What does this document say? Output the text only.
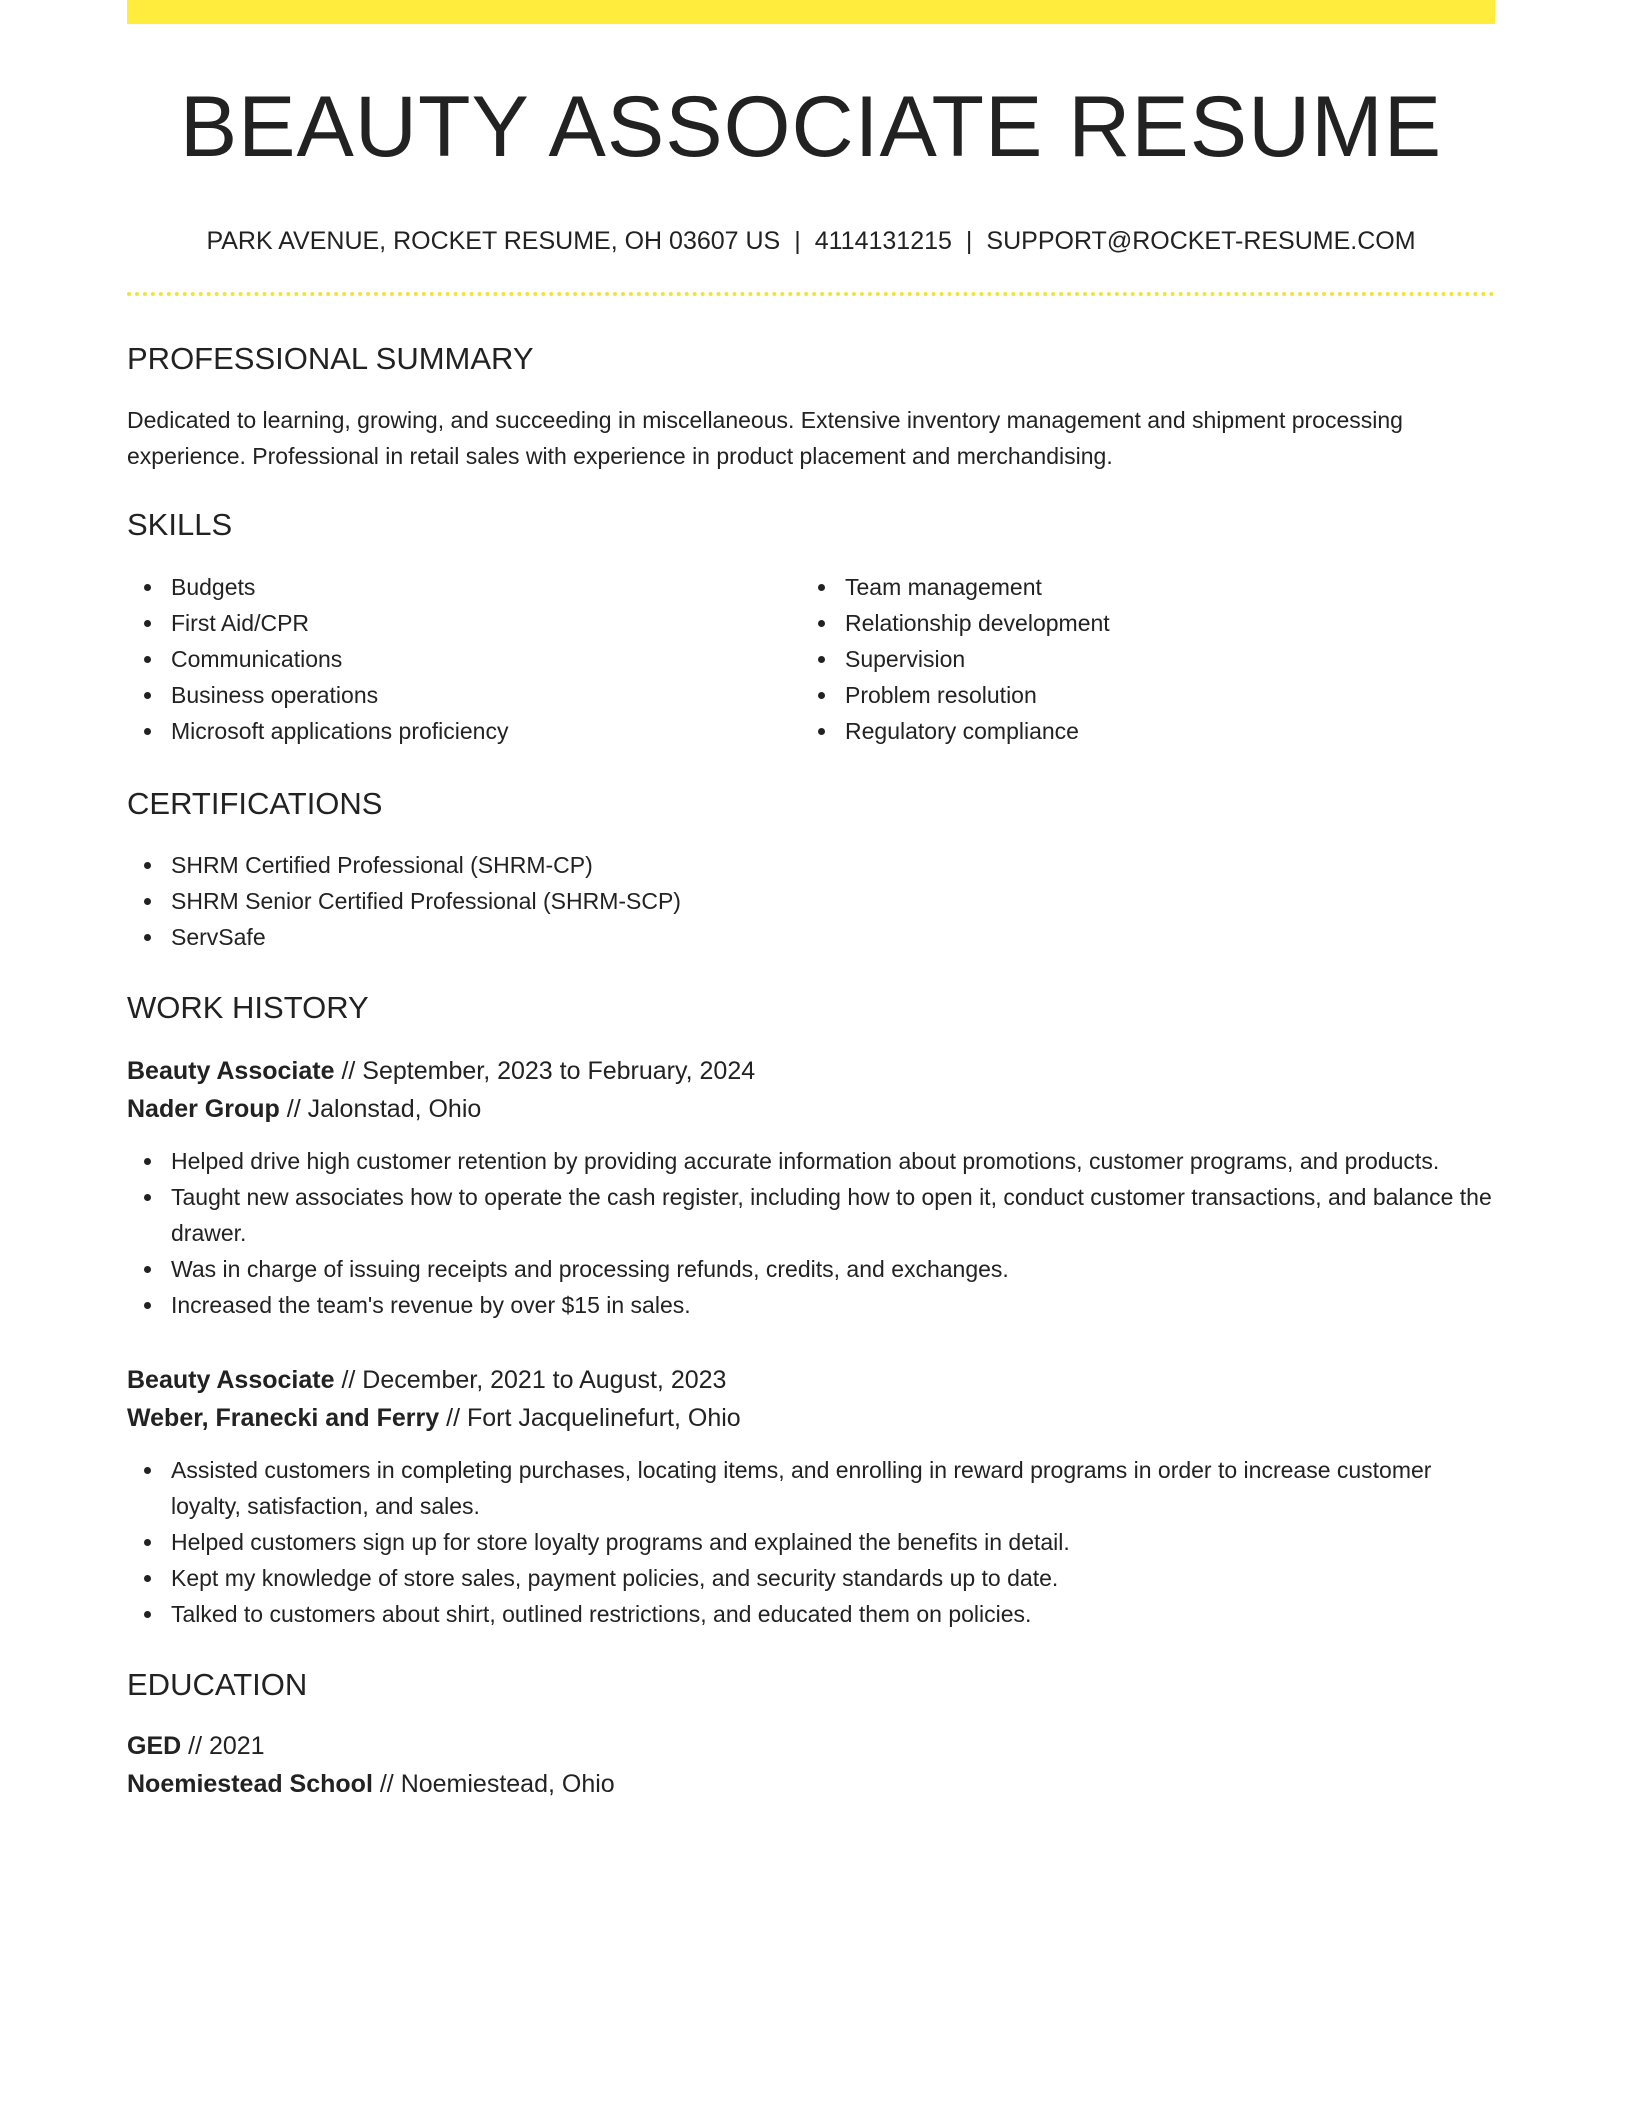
BEAUTY ASSOCIATE RESUME
PARK AVENUE, ROCKET RESUME, OH 03607 US | 4114131215 | SUPPORT@ROCKET-RESUME.COM
PROFESSIONAL SUMMARY

Dedicated to learning, growing, and succeeding in miscellaneous. Extensive inventory management and shipment processing experience. Professional in retail sales with experience in product placement and merchandising.

SKILLS
Budgets
First Aid/CPR
Communications
Business operations
Microsoft applications proficiency
Team management
Relationship development
Supervision
Problem resolution
Regulatory compliance
CERTIFICATIONS
SHRM Certified Professional (SHRM-CP)
SHRM Senior Certified Professional (SHRM-SCP)
ServSafe
WORK HISTORY
Beauty Associate // September, 2023 to February, 2024
Nader Group // Jalonstad, Ohio
Helped drive high customer retention by providing accurate information about promotions, customer programs, and products.
Taught new associates how to operate the cash register, including how to open it, conduct customer transactions, and balance the drawer.
Was in charge of issuing receipts and processing refunds, credits, and exchanges.
Increased the team's revenue by over $15 in sales.
Beauty Associate // December, 2021 to August, 2023
Weber, Franecki and Ferry // Fort Jacquelinefurt, Ohio
Assisted customers in completing purchases, locating items, and enrolling in reward programs in order to increase customer loyalty, satisfaction, and sales.
Helped customers sign up for store loyalty programs and explained the benefits in detail.
Kept my knowledge of store sales, payment policies, and security standards up to date.
Talked to customers about shirt, outlined restrictions, and educated them on policies.
EDUCATION
GED // 2021
Noemiestead School // Noemiestead, Ohio
